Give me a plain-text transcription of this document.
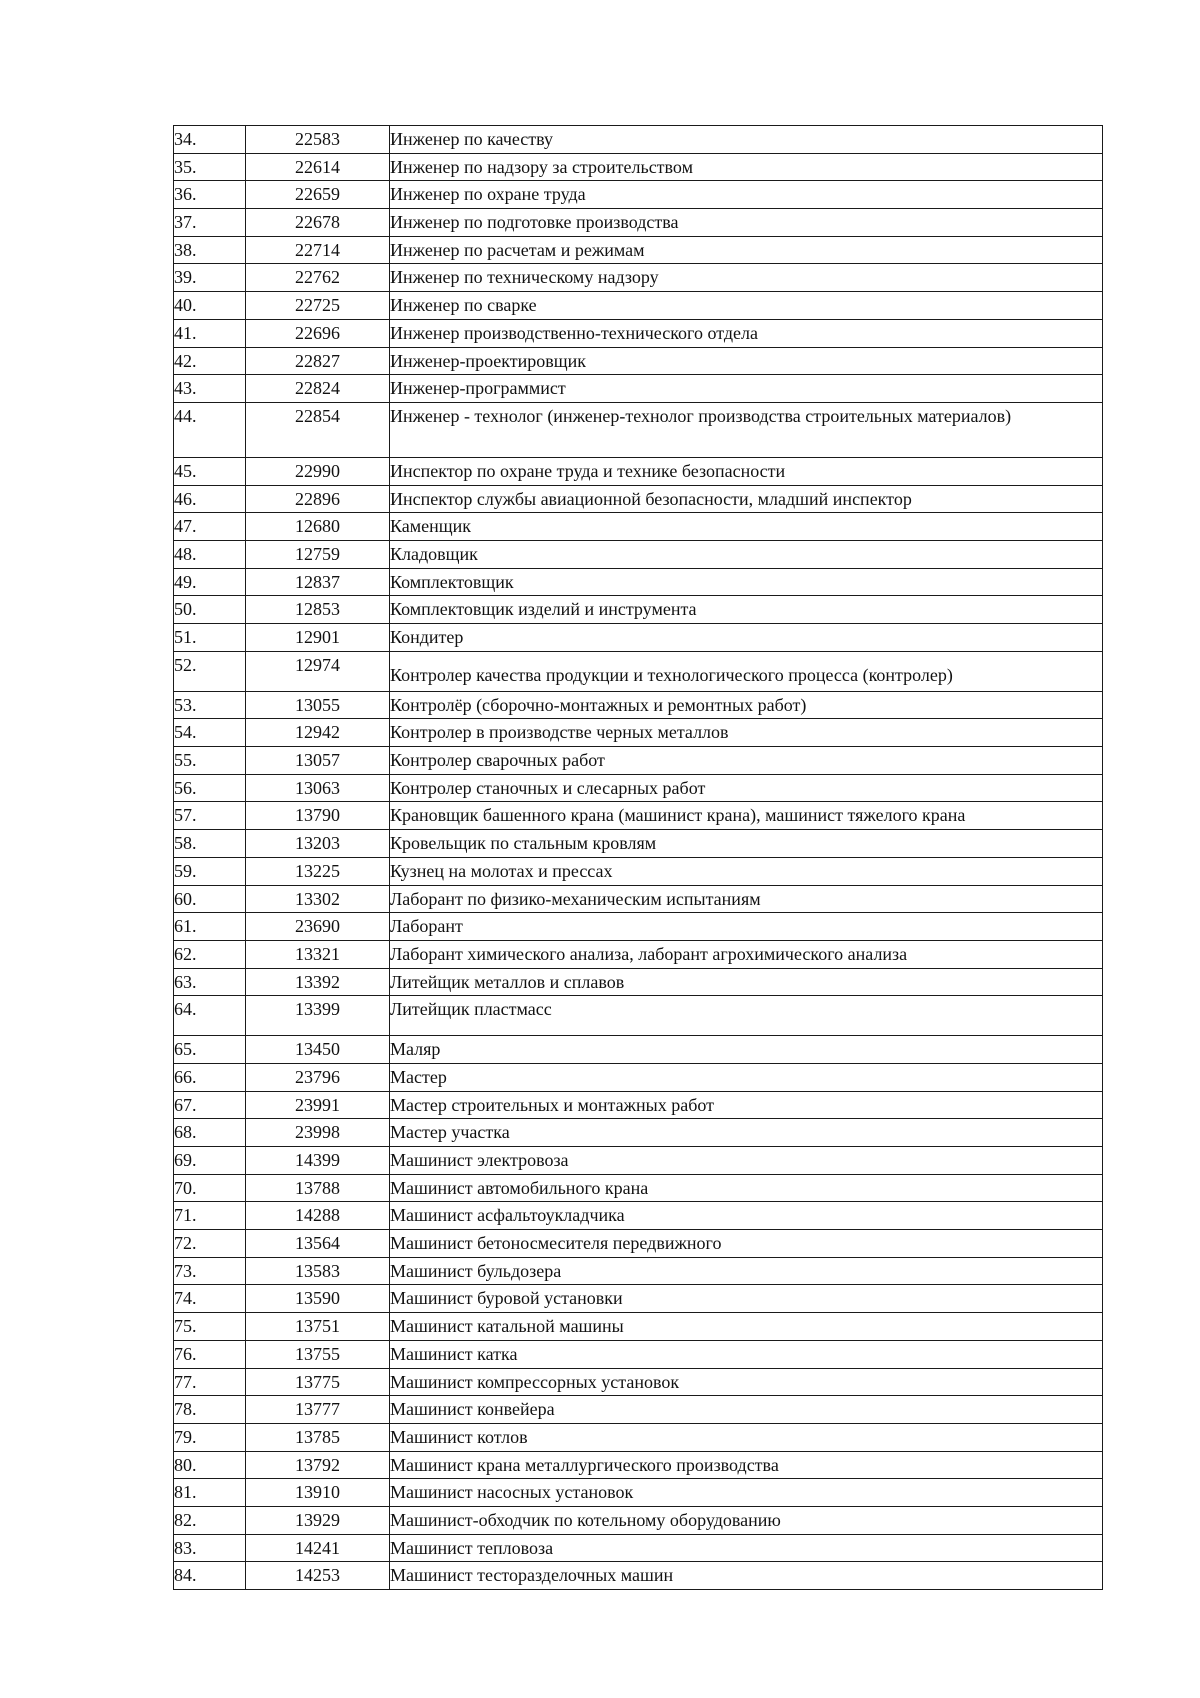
34.	22583	Инженер по качеству
35.	22614	Инженер по надзору за строительством
36.	22659	Инженер по охране труда
37.	22678	Инженер по подготовке производства
38.	22714	Инженер по расчетам и режимам
39.	22762	Инженер по техническому надзору
40.	22725	Инженер по сварке
41.	22696	Инженер производственно-технического отдела
42.	22827	Инженер-проектировщик
43.	22824	Инженер-программист
44.	22854	Инженер - технолог (инженер-технолог производства строительных материалов)
45.	22990	Инспектор по охране труда и технике безопасности
46.	22896	Инспектор службы авиационной безопасности, младший инспектор
47.	12680	Каменщик
48.	12759	Кладовщик
49.	12837	Комплектовщик
50.	12853	Комплектовщик изделий и инструмента
51.	12901	Кондитер
52.	12974	Контролер качества продукции и технологического процесса (контролер)
53.	13055	Контролёр (сборочно-монтажных и ремонтных работ)
54.	12942	Контролер в производстве черных металлов
55.	13057	Контролер сварочных работ
56.	13063	Контролер станочных и слесарных работ
57.	13790	Крановщик башенного крана (машинист крана), машинист тяжелого крана
58.	13203	Кровельщик по стальным кровлям
59.	13225	Кузнец на молотах и прессах
60.	13302	Лаборант по физико-механическим испытаниям
61.	23690	Лаборант
62.	13321	Лаборант химического анализа, лаборант агрохимического анализа
63.	13392	Литейщик металлов и сплавов
64.	13399	Литейщик пластмасс
65.	13450	Маляр
66.	23796	Мастер
67.	23991	Мастер строительных и монтажных работ
68.	23998	Мастер участка
69.	14399	Машинист электровоза
70.	13788	Машинист автомобильного крана
71.	14288	Машинист асфальтоукладчика
72.	13564	Машинист бетоносмесителя передвижного
73.	13583	Машинист бульдозера
74.	13590	Машинист буровой установки
75.	13751	Машинист катальной машины
76.	13755	Машинист катка
77.	13775	Машинист компрессорных установок
78.	13777	Машинист конвейера
79.	13785	Машинист котлов
80.	13792	Машинист крана металлургического производства
81.	13910	Машинист насосных установок
82.	13929	Машинист-обходчик по котельному оборудованию
83.	14241	Машинист тепловоза
84.	14253	Машинист тесторазделочных машин
